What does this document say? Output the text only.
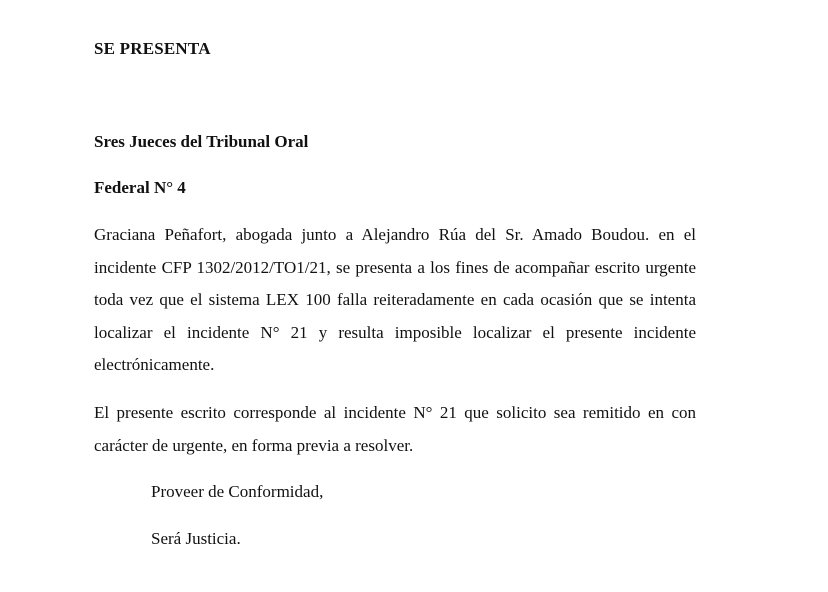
SE PRESENTA
Sres Jueces del Tribunal Oral
Federal N° 4

Graciana Peñafort, abogada junto a Alejandro Rúa del Sr. Amado Boudou. en el incidente CFP 1302/2012/TO1/21, se presenta a los fines de acompañar escrito urgente toda vez que el sistema LEX 100 falla reiteradamente en cada ocasión que se intenta localizar el incidente N° 21 y resulta imposible localizar el presente incidente electrónicamente.

El presente escrito corresponde al incidente N° 21 que solicito sea remitido en con carácter de urgente, en forma previa a resolver.

Proveer de Conformidad,
Será Justicia.
